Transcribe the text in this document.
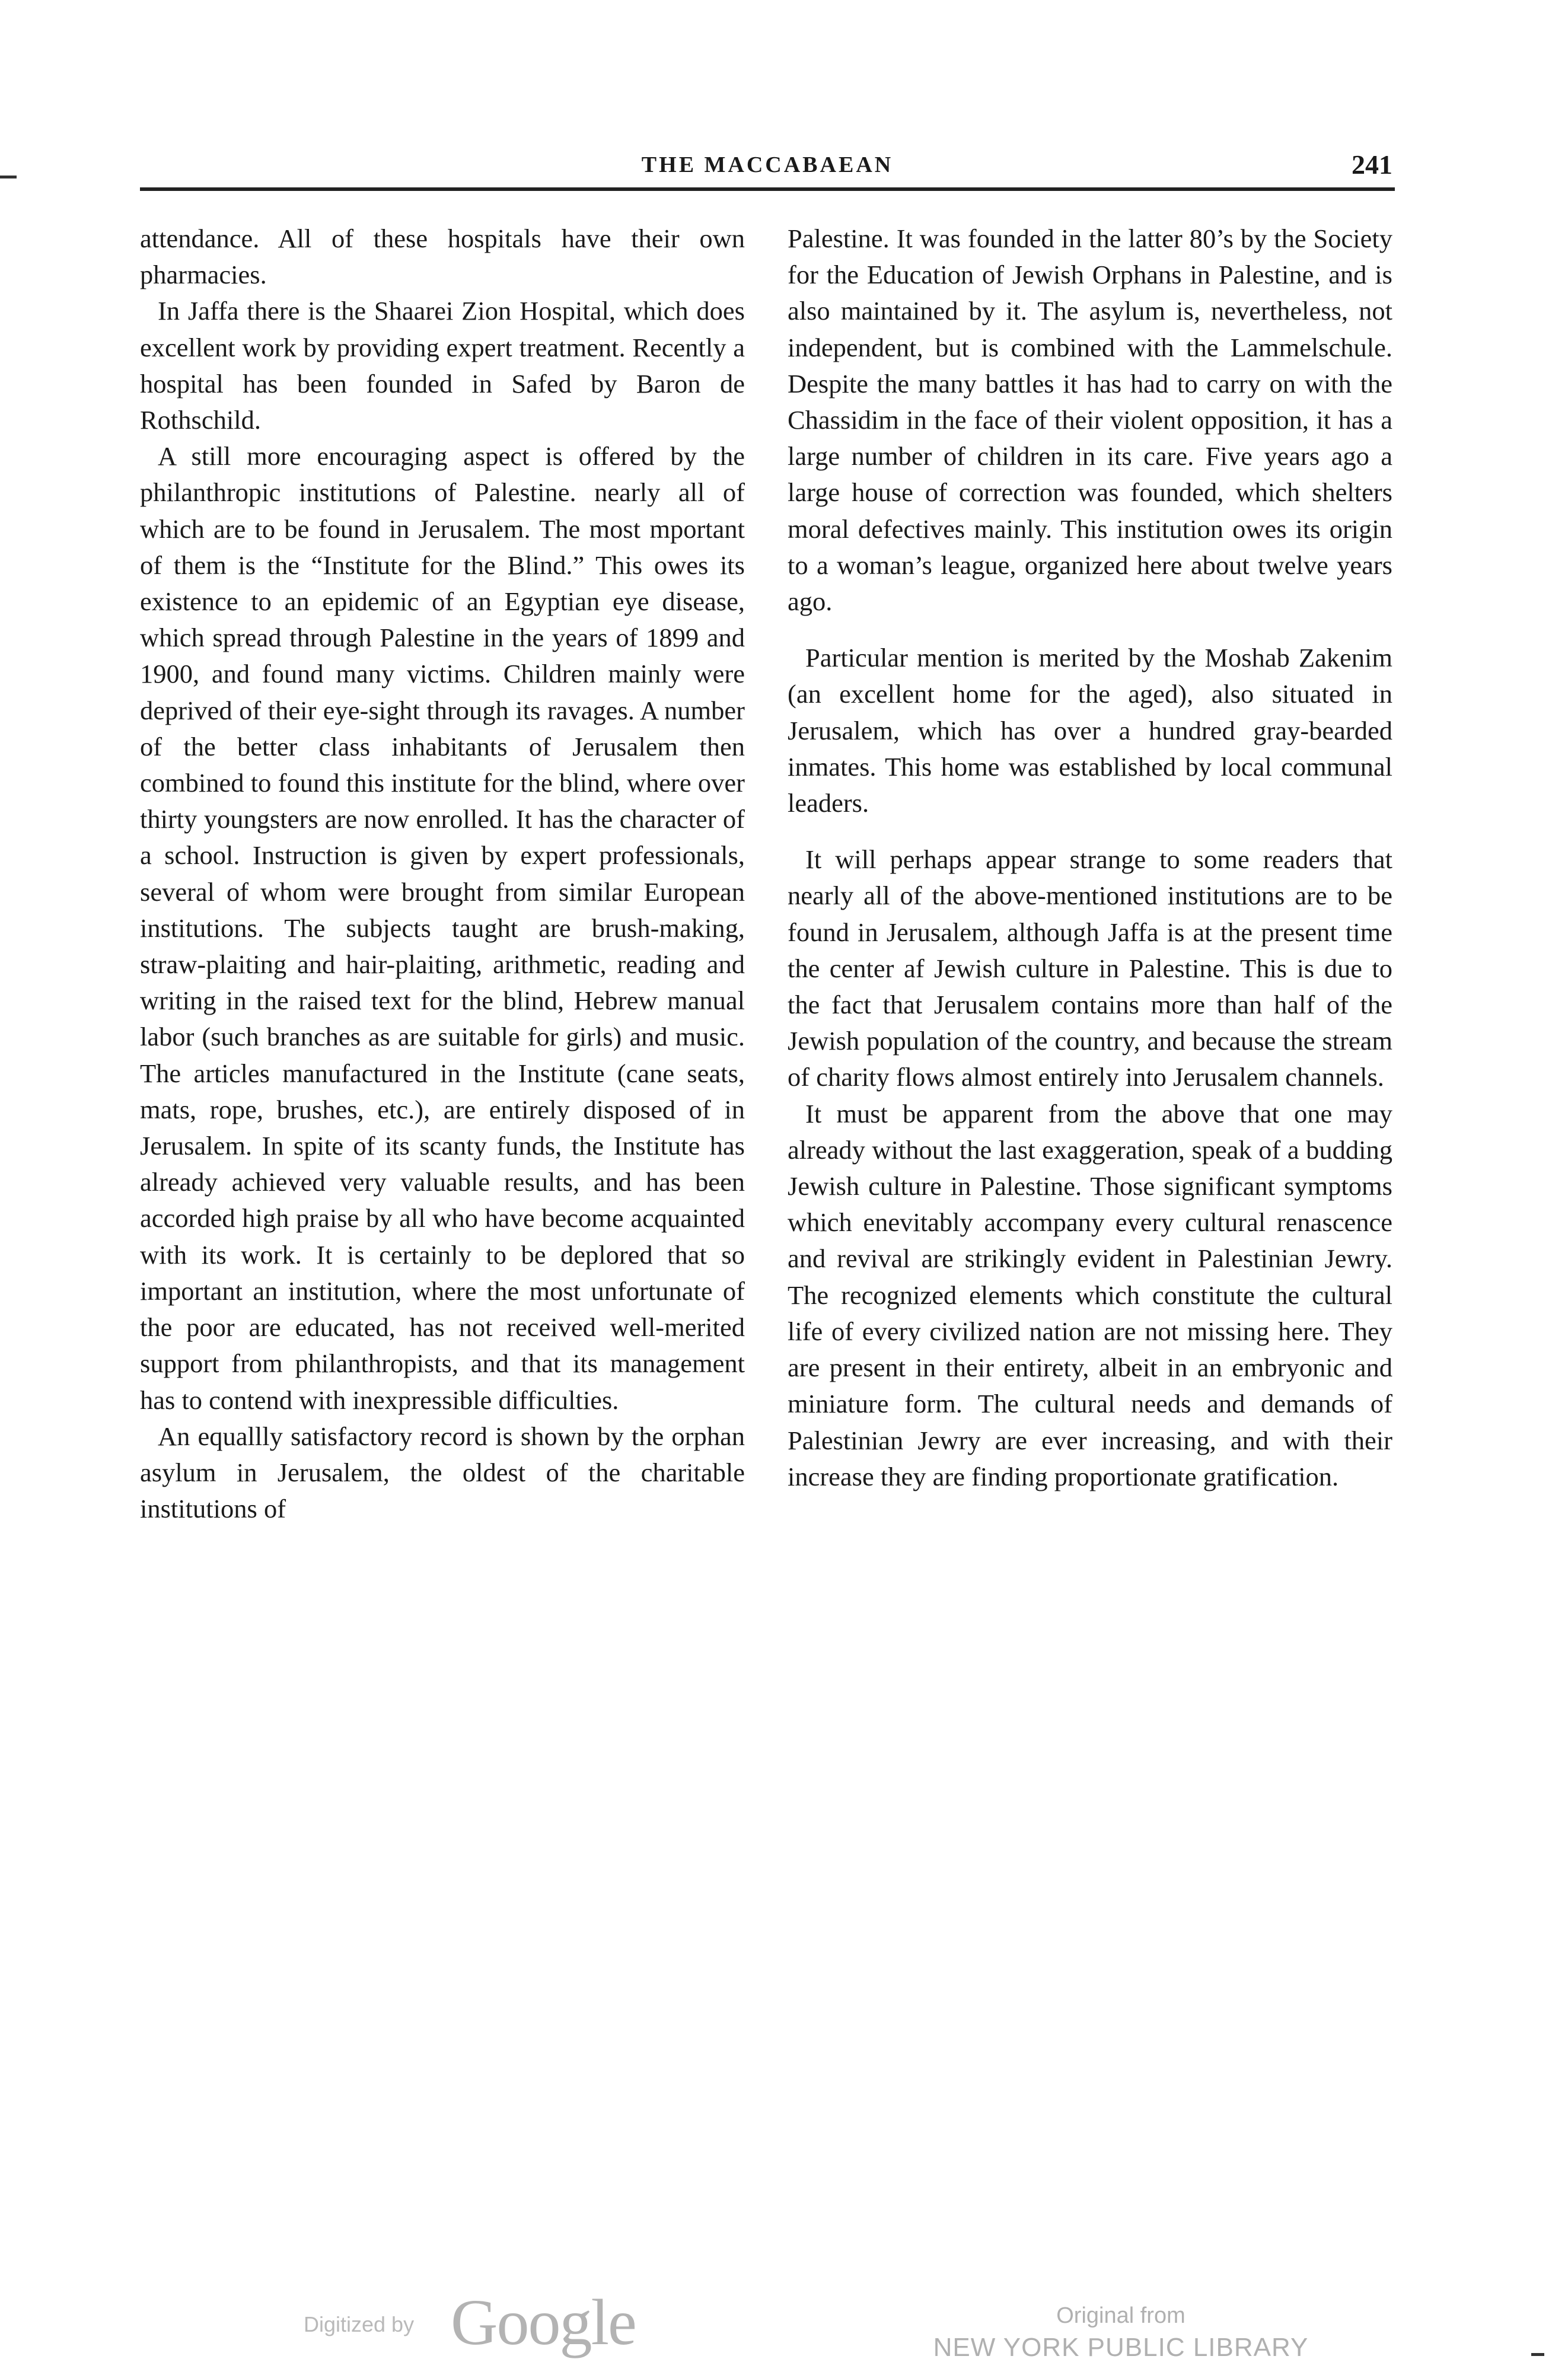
THE MACCABAEAN	241

attendance. All of these hospitals have their own pharmacies.

In Jaffa there is the Shaarei Zion Hospital, which does excellent work by providing expert treatment. Recently a hospital has been founded in Safed by Baron de Rothschild.

A still more encouraging aspect is offered by the philanthropic institutions of Palestine. nearly all of which are to be found in Jerusalem. The most mportant of them is the “Institute for the Blind.” This owes its existence to an epidemic of an Egyptian eye disease, which spread through Palestine in the years of 1899 and 1900, and found many victims. Children mainly were deprived of their eye-sight through its ravages. A number of the better class inhabitants of Jerusalem then combined to found this institute for the blind, where over thirty youngsters are now enrolled. It has the character of a school. Instruction is given by expert professionals, several of whom were brought from similar European institutions. The subjects taught are brush-making, straw-plaiting and hair-plaiting, arithmetic, reading and writing in the raised text for the blind, Hebrew manual labor (such branches as are suitable for girls) and music. The articles manufactured in the Institute (cane seats, mats, rope, brushes, etc.), are entirely disposed of in Jerusalem. In spite of its scanty funds, the Institute has already achieved very valuable results, and has been accorded high praise by all who have become acquainted with its work. It is certainly to be deplored that so important an institution, where the most unfortunate of the poor are educated, has not received well-merited support from philanthropists, and that its management has to contend with inexpressible difficulties.

An equallly satisfactory record is shown by the orphan asylum in Jerusalem, the oldest of the charitable institutions of

Palestine. It was founded in the latter 80’s by the Society for the Education of Jewish Orphans in Palestine, and is also maintained by it. The asylum is, nevertheless, not independent, but is combined with the Lammelschule. Despite the many battles it has had to carry on with the Chassidim in the face of their violent opposition, it has a large number of children in its care. Five years ago a large house of correction was founded, which shelters moral defectives mainly. This institution owes its origin to a woman’s league, organized here about twelve years ago.

Particular mention is merited by the Moshab Zakenim (an excellent home for the aged), also situated in Jerusalem, which has over a hundred gray-bearded inmates. This home was established by local communal leaders.

It will perhaps appear strange to some readers that nearly all of the above-mentioned institutions are to be found in Jerusalem, although Jaffa is at the present time the center af Jewish culture in Palestine. This is due to the fact that Jerusalem contains more than half of the Jewish population of the country, and because the stream of charity flows almost entirely into Jerusalem channels.

It must be apparent from the above that one may already without the last exaggeration, speak of a budding Jewish culture in Palestine. Those significant symptoms which enevitably accompany every cultural renascence and revival are strikingly evident in Palestinian Jewry. The recognized elements which constitute the cultural life of every civilized nation are not missing here. They are present in their entirety, albeit in an embryonic and miniature form. The cultural needs and demands of Palestinian Jewry are ever increasing, and with their increase they are finding proportionate gratification.

Digitized by Google	Original from
NEW YORK PUBLIC LIBRARY
